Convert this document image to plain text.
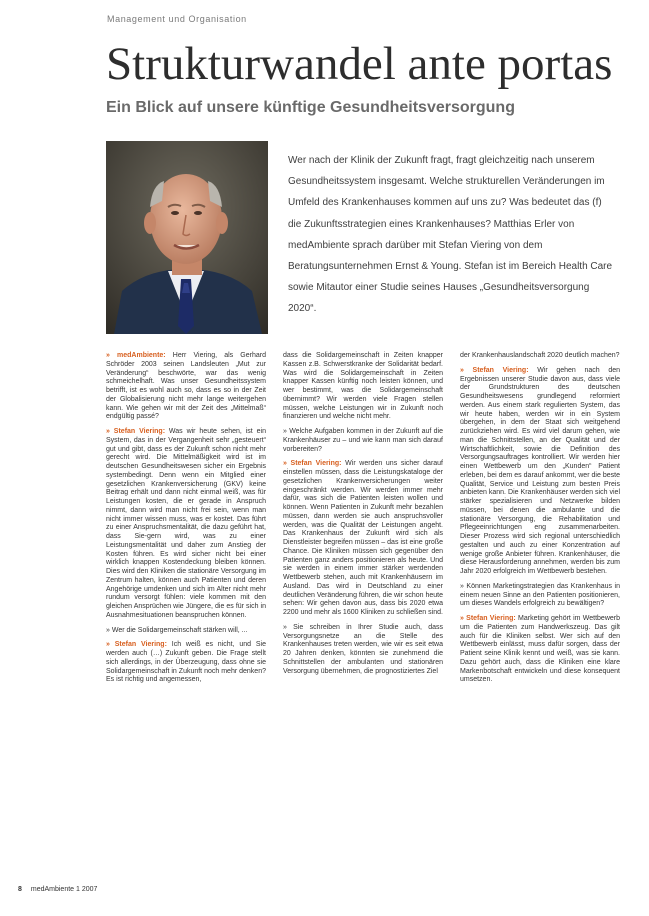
Management und Organisation
Strukturwandel ante portas
Ein Blick auf unsere künftige Gesundheitsversorgung

Wer nach der Klinik der Zukunft fragt, fragt gleichzeitig nach unserem Gesundheitssystem insgesamt. Welche strukturellen Veränderungen im Umfeld des Krankenhauses kommen auf uns zu? Was bedeutet das (f) die Zukunftsstrategien eines Krankenhauses? Matthias Erler von medAmbiente sprach darüber mit Stefan Viering von dem Beratungsunternehmen Ernst & Young. Stefan ist im Bereich Health Care sowie Mitautor einer Studie seines Hauses „Gesundheitsversorgung 2020“.

» medAmbiente: Herr Viering, als Gerhard Schröder 2003 seinen Landsleuten „Mut zur Veränderung“ beschwörte, war das wenig schmeichelhaft. Was unser Gesundheitssystem betrifft, ist es wohl auch so, dass es so in der Zeit der Globalisierung nicht mehr lange weitergehen kann. Wie gehen wir mit der Zeit des „Mittelmaß“ endgültig passé?

» Stefan Viering: Was wir heute sehen, ist ein System, das in der Vergangenheit sehr „gesteuert“ gut und gibt, dass es der Zukunft schon nicht mehr gerecht wird. Die Mittelmäßigkeit wird ist im deutschen Gesundheitswesen sicher ein Ergebnis systembedingt. Denn wenn ein Mitglied einer gesetzlichen Krankenversicherung (GKV) keine Beitrag erhält und dann nicht einmal weiß, was für Leistungen kosten, die er gerade in Anspruch nimmt, dann wird man nicht frei sein, wenn man nicht immer wissen muss, was er kostet. Das führt zu einer Anspruchsmentalität, die dazu geführt hat, dass Sie-gern wird, was zu einer Leistungsmentalität und daher zum Anstieg der Kosten führen. Es wird sicher nicht bei einer wirklich knappen Kostendeckung bleiben können. Dies wird den Kliniken die stationäre Versorgung im Zentrum halten, können auch Patienten und deren Angehörige umdenken und sich im Alter nicht mehr rundum versorgt fühlen: viele kommen mit den gleichen Ansprüchen wie Jüngere, die es für sich in Ausnahmesituationen beanspruchen können.

» Wer die Solidargemeinschaft stärken will, ...

» Stefan Viering: Ich weiß es nicht, und Sie werden auch (…) Zukunft geben. Die Frage stellt sich allerdings, in der Überzeugung, dass ohne sie Solidargemeinschaft in Zukunft noch mehr denken? Es ist richtig und angemessen,

dass die Solidargemeinschaft in Zeiten knapper Kassen z.B. Schwerstkranke der Solidarität bedarf. Was wird die Solidargemeinschaft in Zeiten knapper Kassen künftig noch leisten können, und wer bestimmt, was die Solidargemeinschaft übernimmt? Wir werden viele Fragen stellen müssen, welche Leistungen wir in Zukunft noch finanzieren und welche nicht mehr.

» Welche Aufgaben kommen in der Zukunft auf die Krankenhäuser zu – und wie kann man sich darauf vorbereiten?

» Stefan Viering: Wir werden uns sicher darauf einstellen müssen, dass die Leistungskataloge der gesetzlichen Krankenversicherungen weiter eingeschränkt werden. Wir werden immer mehr dafür, was sich die Patienten leisten wollen und können. Wenn Patienten in Zukunft mehr bezahlen müssen, dann werden sie auch anspruchsvoller werden, was die Qualität der Leistungen angeht. Das Krankenhaus der Zukunft wird sich als Dienstleister begreifen müssen – das ist eine große Chance. Die Kliniken müssen sich gegenüber den Patienten ganz anders positionieren als heute. Und sie werden in einem immer stärker werdenden Wettbewerb stehen, auch mit Krankenhäusern im Ausland. Das wird in Deutschland zu einer deutlichen Veränderung führen, die wir schon heute sehen: Wir gehen davon aus, dass bis 2020 etwa 2200 und mehr als 1600 Kliniken zu schließen sind.

» Sie schreiben in Ihrer Studie auch, dass Versorgungsnetze an die Stelle des Krankenhauses treten werden, wie wir es seit etwa 20 Jahren denken, könnten sie zunehmend die Schnittstellen der ambulanten und stationären Versorgung übernehmen, die prognostiziertes Ziel

der Krankenhauslandschaft 2020 deutlich machen?

» Stefan Viering: Wir gehen nach den Ergebnissen unserer Studie davon aus, dass viele der Grundstrukturen des deutschen Gesundheitswesens grundlegend reformiert werden. Aus einem stark regulierten System, das wir heute haben, werden wir in ein System übergehen, in dem der Staat sich weitgehend zurückziehen wird. Es wird viel darum gehen, wie man die Schnittstellen, an der Qualität und der Wirtschaftlichkeit, sowie die Definition des Versorgungsauftrages kontrolliert. Wir werden hier einen Wettbewerb um den „Kunden“ Patient erleben, bei dem es darauf ankommt, wer die beste Qualität, Service und Leistung zum besten Preis anbieten kann. Die Krankenhäuser werden sich viel stärker spezialisieren und Netzwerke bilden müssen, bei denen die ambulante und die stationäre Versorgung, die Rehabilitation und Pflegeeinrichtungen eng zusammenarbeiten. Dieser Prozess wird sich regional unterschiedlich gestalten und auch zu einer Konzentration auf wenige große Anbieter führen. Krankenhäuser, die diese Herausforderung annehmen, werden bis zum Jahr 2020 erfolgreich im Wettbewerb bestehen.

» Können Marketingstrategien das Krankenhaus in einem neuen Sinne an den Patienten positionieren, um dieses Wandels erfolgreich zu bewältigen?

» Stefan Viering: Marketing gehört im Wettbewerb um die Patienten zum Handwerkszeug. Das gilt auch für die Kliniken selbst. Wer sich auf den Wettbewerb einlässt, muss dafür sorgen, dass der Patient seine Klinik kennt und weiß, was sie kann. Dazu gehört auch, dass die Kliniken eine klare Markenbotschaft entwickeln und diese konsequent umsetzen.

8 medAmbiente 1 2007
